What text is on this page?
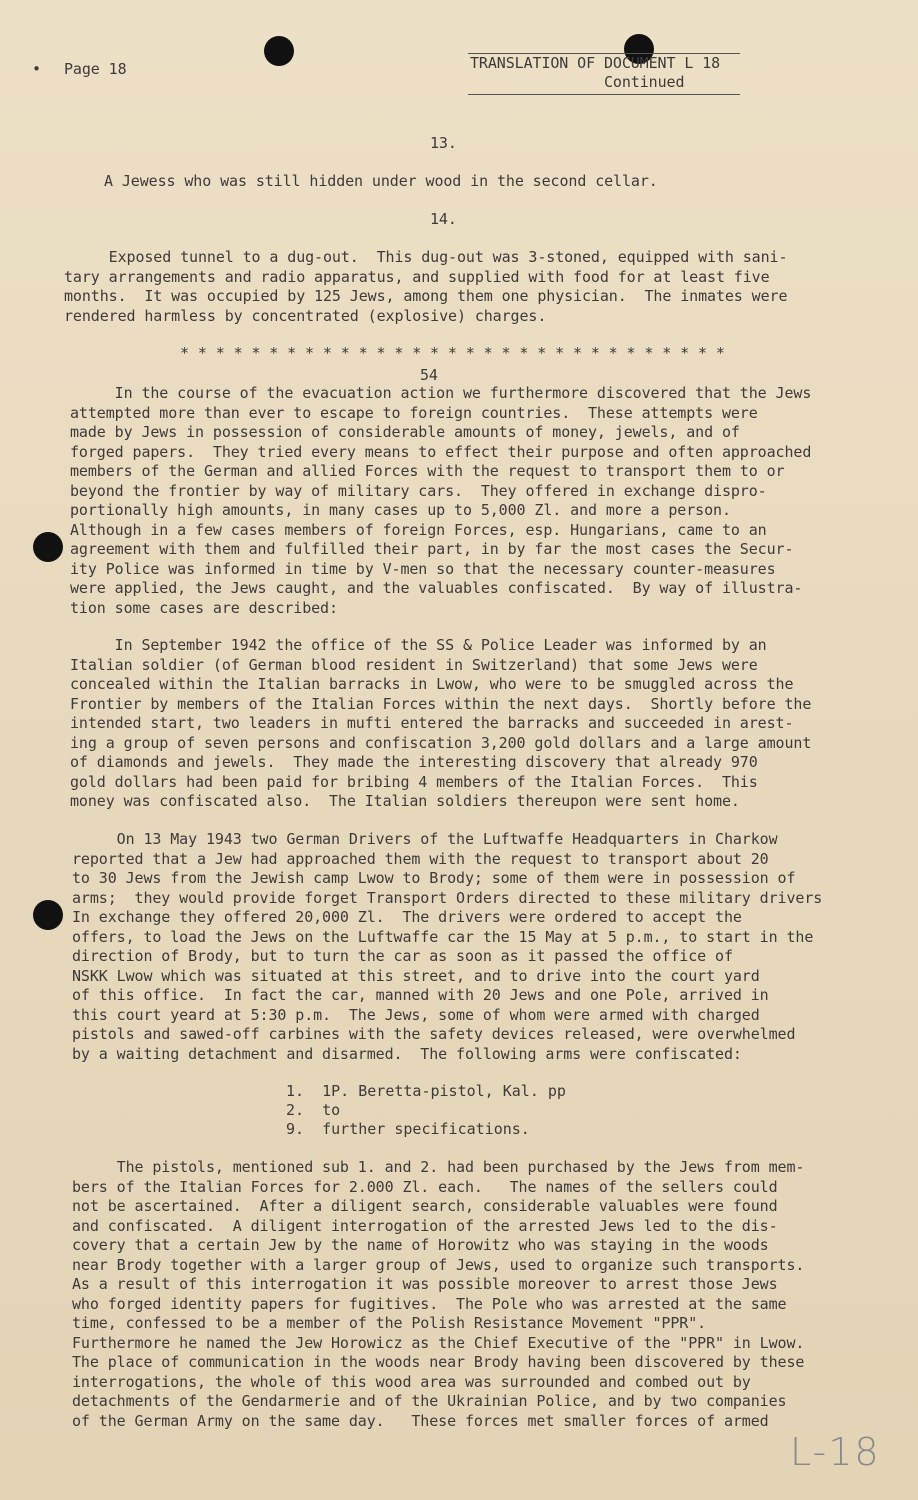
• Page 18	TRANSLATION OF DOCUMENT L 18
Continued
13.
A Jewess who was still hidden under wood in the second cellar.
14.
Exposed tunnel to a dug-out.  This dug-out was 3-stoned, equipped with sani-
tary arrangements and radio apparatus, and supplied with food for at least five
months.  It was occupied by 125 Jews, among them one physician.  The inmates were
rendered harmless by concentrated (explosive) charges.
* * * * * * * * * * * * * * * * * * * * * * * * * * * * * * *
54
In the course of the evacuation action we furthermore discovered that the Jews
attempted more than ever to escape to foreign countries.  These attempts were
made by Jews in possession of considerable amounts of money, jewels, and of
forged papers.  They tried every means to effect their purpose and often approached
members of the German and allied Forces with the request to transport them to or
beyond the frontier by way of military cars.  They offered in exchange dispro-
portionally high amounts, in many cases up to 5,000 Zl. and more a person.
Although in a few cases members of foreign Forces, esp. Hungarians, came to an
agreement with them and fulfilled their part, in by far the most cases the Secur-
ity Police was informed in time by V-men so that the necessary counter-measures
were applied, the Jews caught, and the valuables confiscated.  By way of illustra-
tion some cases are described:
In September 1942 the office of the SS & Police Leader was informed by an
Italian soldier (of German blood resident in Switzerland) that some Jews were
concealed within the Italian barracks in Lwow, who were to be smuggled across the
Frontier by members of the Italian Forces within the next days.  Shortly before the
intended start, two leaders in mufti entered the barracks and succeeded in arest-
ing a group of seven persons and confiscation 3,200 gold dollars and a large amount
of diamonds and jewels.  They made the interesting discovery that already 970
gold dollars had been paid for bribing 4 members of the Italian Forces.  This
money was confiscated also.  The Italian soldiers thereupon were sent home.
On 13 May 1943 two German Drivers of the Luftwaffe Headquarters in Charkow
reported that a Jew had approached them with the request to transport about 20
to 30 Jews from the Jewish camp Lwow to Brody; some of them were in possession of
arms;  they would provide forget Transport Orders directed to these military drivers
In exchange they offered 20,000 Zl.  The drivers were ordered to accept the
offers, to load the Jews on the Luftwaffe car the 15 May at 5 p.m., to start in the
direction of Brody, but to turn the car as soon as it passed the office of
NSKK Lwow which was situated at this street, and to drive into the court yard
of this office.  In fact the car, manned with 20 Jews and one Pole, arrived in
this court yeard at 5:30 p.m.  The Jews, some of whom were armed with charged
pistols and sawed-off carbines with the safety devices released, were overwhelmed
by a waiting detachment and disarmed.  The following arms were confiscated:
1. 1P. Beretta-pistol, Kal. pp
2. to
9. further specifications.
The pistols, mentioned sub 1. and 2. had been purchased by the Jews from mem-
bers of the Italian Forces for 2.000 Zl. each.   The names of the sellers could
not be ascertained.  After a diligent search, considerable valuables were found
and confiscated.  A diligent interrogation of the arrested Jews led to the dis-
covery that a certain Jew by the name of Horowitz who was staying in the woods
near Brody together with a larger group of Jews, used to organize such transports.
As a result of this interrogation it was possible moreover to arrest those Jews
who forged identity papers for fugitives.  The Pole who was arrested at the same
time, confessed to be a member of the Polish Resistance Movement "PPR".
Furthermore he named the Jew Horowicz as the Chief Executive of the "PPR" in Lwow.
The place of communication in the woods near Brody having been discovered by these
interrogations, the whole of this wood area was surrounded and combed out by
detachments of the Gendarmerie and of the Ukrainian Police, and by two companies
of the German Army on the same day.   These forces met smaller forces of armed
L-18
